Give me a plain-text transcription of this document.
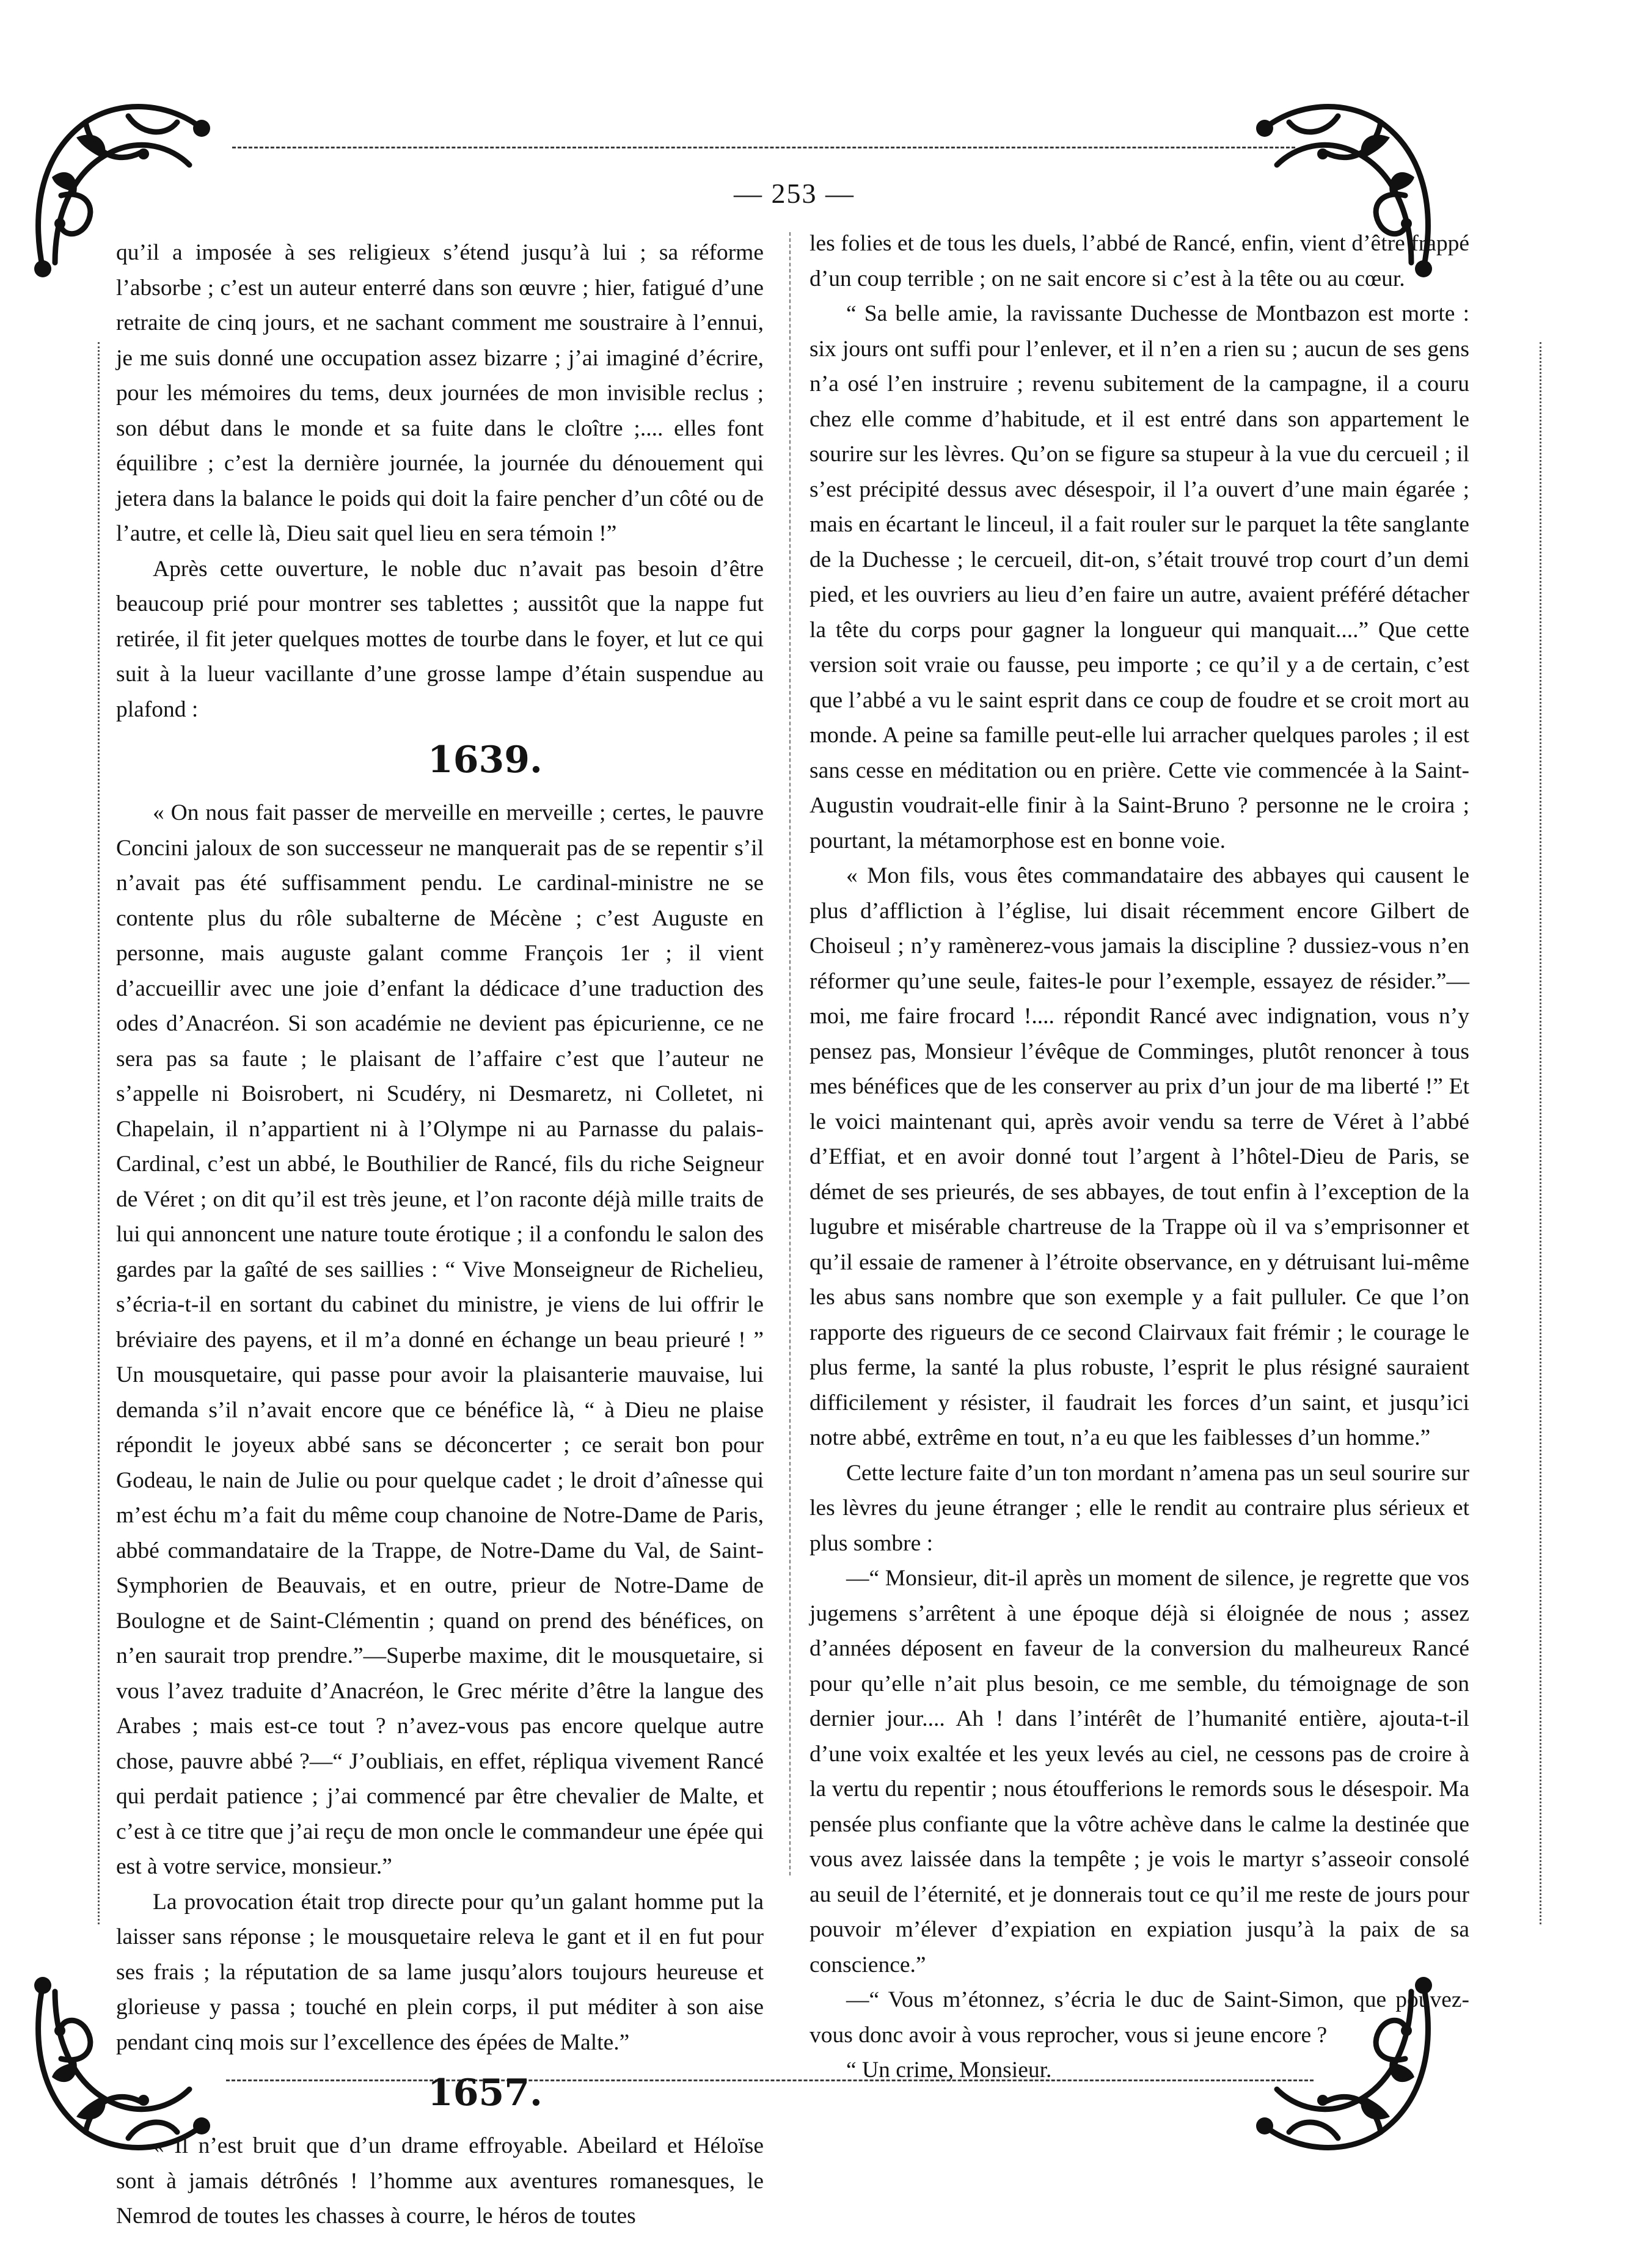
— 253 —

qu’il a imposée à ses religieux s’étend jusqu’à lui ; sa réforme l’absorbe ; c’est un auteur enterré dans son œuvre ; hier, fatigué d’une retraite de cinq jours, et ne sachant comment me soustraire à l’ennui, je me suis donné une occupation assez bizarre ; j’ai imaginé d’écrire, pour les mémoires du tems, deux journées de mon invisible reclus ; son début dans le monde et sa fuite dans le cloître ;.... elles font équilibre ; c’est la dernière journée, la journée du dénouement qui jetera dans la balance le poids qui doit la faire pencher d’un côté ou de l’autre, et celle là, Dieu sait quel lieu en sera témoin !”

Après cette ouverture, le noble duc n’avait pas besoin d’être beaucoup prié pour montrer ses tablettes ; aussitôt que la nappe fut retirée, il fit jeter quelques mottes de tourbe dans le foyer, et lut ce qui suit à la lueur vacillante d’une grosse lampe d’étain suspendue au plafond :

1639.

« On nous fait passer de merveille en merveille ; certes, le pauvre Concini jaloux de son successeur ne manquerait pas de se repentir s’il n’avait pas été suffisamment pendu. Le cardinal-ministre ne se contente plus du rôle subalterne de Mécène ; c’est Auguste en personne, mais auguste galant comme François 1er ; il vient d’accueillir avec une joie d’enfant la dédicace d’une traduction des odes d’Anacréon. Si son académie ne devient pas épicurienne, ce ne sera pas sa faute ; le plaisant de l’affaire c’est que l’auteur ne s’appelle ni Boisrobert, ni Scudéry, ni Desmaretz, ni Colletet, ni Chapelain, il n’appartient ni à l’Olympe ni au Parnasse du palais-Cardinal, c’est un abbé, le Bouthilier de Rancé, fils du riche Seigneur de Véret ; on dit qu’il est très jeune, et l’on raconte déjà mille traits de lui qui annoncent une nature toute érotique ; il a confondu le salon des gardes par la gaîté de ses saillies : “ Vive Monseigneur de Richelieu, s’écria-t-il en sortant du cabinet du ministre, je viens de lui offrir le bréviaire des payens, et il m’a donné en échange un beau prieuré ! ” Un mousquetaire, qui passe pour avoir la plaisanterie mauvaise, lui demanda s’il n’avait encore que ce bénéfice là, “ à Dieu ne plaise répondit le joyeux abbé sans se déconcerter ; ce serait bon pour Godeau, le nain de Julie ou pour quelque cadet ; le droit d’aînesse qui m’est échu m’a fait du même coup chanoine de Notre-Dame de Paris, abbé commandataire de la Trappe, de Notre-Dame du Val, de Saint-Symphorien de Beauvais, et en outre, prieur de Notre-Dame de Boulogne et de Saint-Clémentin ; quand on prend des bénéfices, on n’en saurait trop prendre.”—Superbe maxime, dit le mousquetaire, si vous l’avez traduite d’Anacréon, le Grec mérite d’être la langue des Arabes ; mais est-ce tout ? n’avez-vous pas encore quelque autre chose, pauvre abbé ?—“ J’oubliais, en effet, répliqua vivement Rancé qui perdait patience ; j’ai commencé par être chevalier de Malte, et c’est à ce titre que j’ai reçu de mon oncle le commandeur une épée qui est à votre service, monsieur.”

La provocation était trop directe pour qu’un galant homme put la laisser sans réponse ; le mousquetaire releva le gant et il en fut pour ses frais ; la réputation de sa lame jusqu’alors toujours heureuse et glorieuse y passa ; touché en plein corps, il put méditer à son aise pendant cinq mois sur l’excellence des épées de Malte.”

1657.

« Il n’est bruit que d’un drame effroyable. Abeilard et Héloïse sont à jamais détrônés ! l’homme aux aventures romanesques, le Nemrod de toutes les chasses à courre, le héros de toutes

les folies et de tous les duels, l’abbé de Rancé, enfin, vient d’être frappé d’un coup terrible ; on ne sait encore si c’est à la tête ou au cœur.

“ Sa belle amie, la ravissante Duchesse de Montbazon est morte : six jours ont suffi pour l’enlever, et il n’en a rien su ; aucun de ses gens n’a osé l’en instruire ; revenu subitement de la campagne, il a couru chez elle comme d’habitude, et il est entré dans son appartement le sourire sur les lèvres. Qu’on se figure sa stupeur à la vue du cercueil ; il s’est précipité dessus avec désespoir, il l’a ouvert d’une main égarée ; mais en écartant le linceul, il a fait rouler sur le parquet la tête sanglante de la Duchesse ; le cercueil, dit-on, s’était trouvé trop court d’un demi pied, et les ouvriers au lieu d’en faire un autre, avaient préféré détacher la tête du corps pour gagner la longueur qui manquait....” Que cette version soit vraie ou fausse, peu importe ; ce qu’il y a de certain, c’est que l’abbé a vu le saint esprit dans ce coup de foudre et se croit mort au monde. A peine sa famille peut-elle lui arracher quelques paroles ; il est sans cesse en méditation ou en prière. Cette vie commencée à la Saint-Augustin voudrait-elle finir à la Saint-Bruno ? personne ne le croira ; pourtant, la métamorphose est en bonne voie.

« Mon fils, vous êtes commandataire des abbayes qui causent le plus d’affliction à l’église, lui disait récemment encore Gilbert de Choiseul ; n’y ramènerez-vous jamais la discipline ? dussiez-vous n’en réformer qu’une seule, faites-le pour l’exemple, essayez de résider.”—moi, me faire frocard !.... répondit Rancé avec indignation, vous n’y pensez pas, Monsieur l’évêque de Comminges, plutôt renoncer à tous mes bénéfices que de les conserver au prix d’un jour de ma liberté !” Et le voici maintenant qui, après avoir vendu sa terre de Véret à l’abbé d’Effiat, et en avoir donné tout l’argent à l’hôtel-Dieu de Paris, se démet de ses prieurés, de ses abbayes, de tout enfin à l’exception de la lugubre et misérable chartreuse de la Trappe où il va s’emprisonner et qu’il essaie de ramener à l’étroite observance, en y détruisant lui-même les abus sans nombre que son exemple y a fait pulluler. Ce que l’on rapporte des rigueurs de ce second Clairvaux fait frémir ; le courage le plus ferme, la santé la plus robuste, l’esprit le plus résigné sauraient difficilement y résister, il faudrait les forces d’un saint, et jusqu’ici notre abbé, extrême en tout, n’a eu que les faiblesses d’un homme.”

Cette lecture faite d’un ton mordant n’amena pas un seul sourire sur les lèvres du jeune étranger ; elle le rendit au contraire plus sérieux et plus sombre :

—“ Monsieur, dit-il après un moment de silence, je regrette que vos jugemens s’arrêtent à une époque déjà si éloignée de nous ; assez d’années déposent en faveur de la conversion du malheureux Rancé pour qu’elle n’ait plus besoin, ce me semble, du témoignage de son dernier jour.... Ah ! dans l’intérêt de l’humanité entière, ajouta-t-il d’une voix exaltée et les yeux levés au ciel, ne cessons pas de croire à la vertu du repentir ; nous étoufferions le remords sous le désespoir. Ma pensée plus confiante que la vôtre achève dans le calme la destinée que vous avez laissée dans la tempête ; je vois le martyr s’asseoir consolé au seuil de l’éternité, et je donnerais tout ce qu’il me reste de jours pour pouvoir m’élever d’expiation en expiation jusqu’à la paix de sa conscience.”

—“ Vous m’étonnez, s’écria le duc de Saint-Simon, que pouvez-vous donc avoir à vous reprocher, vous si jeune encore ?

“ Un crime, Monsieur.
